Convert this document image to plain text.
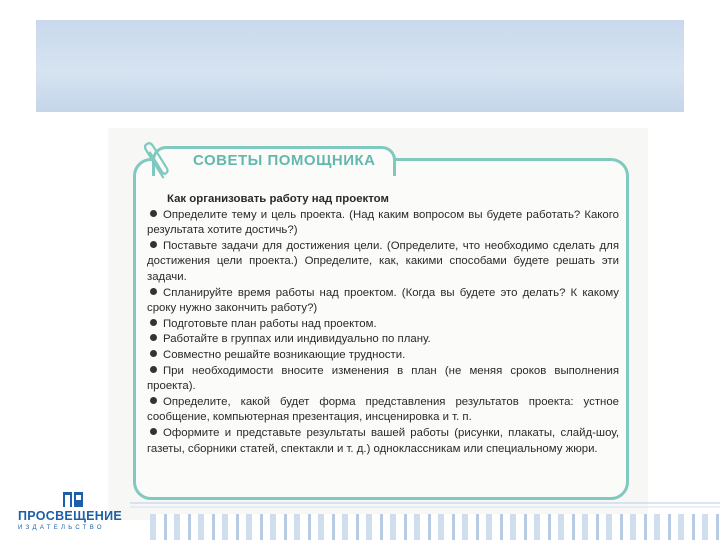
СОВЕТЫ ПОМОЩНИКА
Как организовать работу над проектом
Определите тему и цель проекта. (Над каким вопросом вы будете работать? Какого результата хотите достичь?)
Поставьте задачи для достижения цели. (Определите, что необходимо сделать для достижения цели проекта.) Определите, как, какими способами будете решать эти задачи.
Спланируйте время работы над проектом. (Когда вы будете это делать? К какому сроку нужно закончить работу?)
Подготовьте план работы над проектом.
Работайте в группах или индивидуально по плану.
Совместно решайте возникающие трудности.
При необходимости вносите изменения в план (не меняя сроков выполнения проекта).
Определите, какой будет форма представления результатов проекта: устное сообщение, компьютерная презентация, инсценировка и т. п.
Оформите и представьте результаты вашей работы (рисунки, плакаты, слайд-шоу, газеты, сборники статей, спектакли и т. д.) одноклассникам или специальному жюри.
ПРОСВЕЩЕНИЕ
ИЗДАТЕЛЬСТВО
